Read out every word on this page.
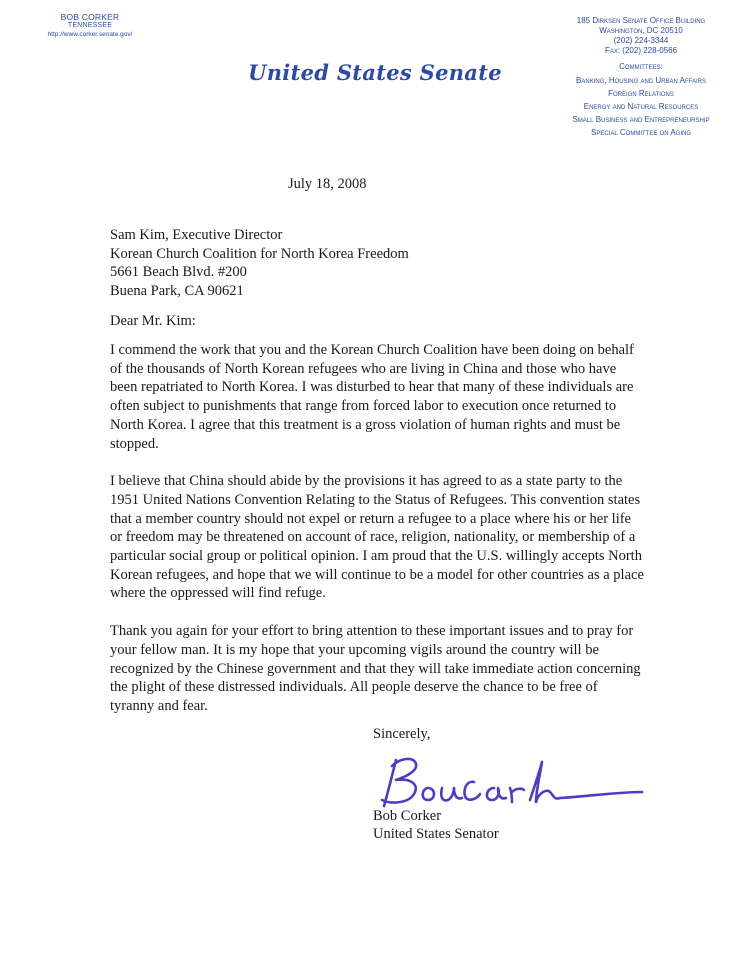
BOB CORKER
TENNESSEE
http://www.corker.senate.gov/
United States Senate
185 Dirksen Senate Office Building
Washington, DC 20510
(202) 224-3344
Fax: (202) 228-0566
Committees:
Banking, Housing and Urban Affairs
Foreign Relations
Energy and Natural Resources
Small Business and Entrepreneurship
Special Committee on Aging
July 18, 2008
Sam Kim, Executive Director
Korean Church Coalition for North Korea Freedom
5661 Beach Blvd. #200
Buena Park, CA 90621
Dear Mr. Kim:

I commend the work that you and the Korean Church Coalition have been doing on behalf of the thousands of North Korean refugees who are living in China and those who have been repatriated to North Korea. I was disturbed to hear that many of these individuals are often subject to punishments that range from forced labor to execution once returned to North Korea. I agree that this treatment is a gross violation of human rights and must be stopped.

I believe that China should abide by the provisions it has agreed to as a state party to the 1951 United Nations Convention Relating to the Status of Refugees. This convention states that a member country should not expel or return a refugee to a place where his or her life or freedom may be threatened on account of race, religion, nationality, or membership of a particular social group or political opinion. I am proud that the U.S. willingly accepts North Korean refugees, and hope that we will continue to be a model for other countries as a place where the oppressed will find refuge.

Thank you again for your effort to bring attention to these important issues and to pray for your fellow man. It is my hope that your upcoming vigils around the country will be recognized by the Chinese government and that they will take immediate action concerning the plight of these distressed individuals. All people deserve the chance to be free of tyranny and fear.

Sincerely,
Bob Corker
United States Senator
